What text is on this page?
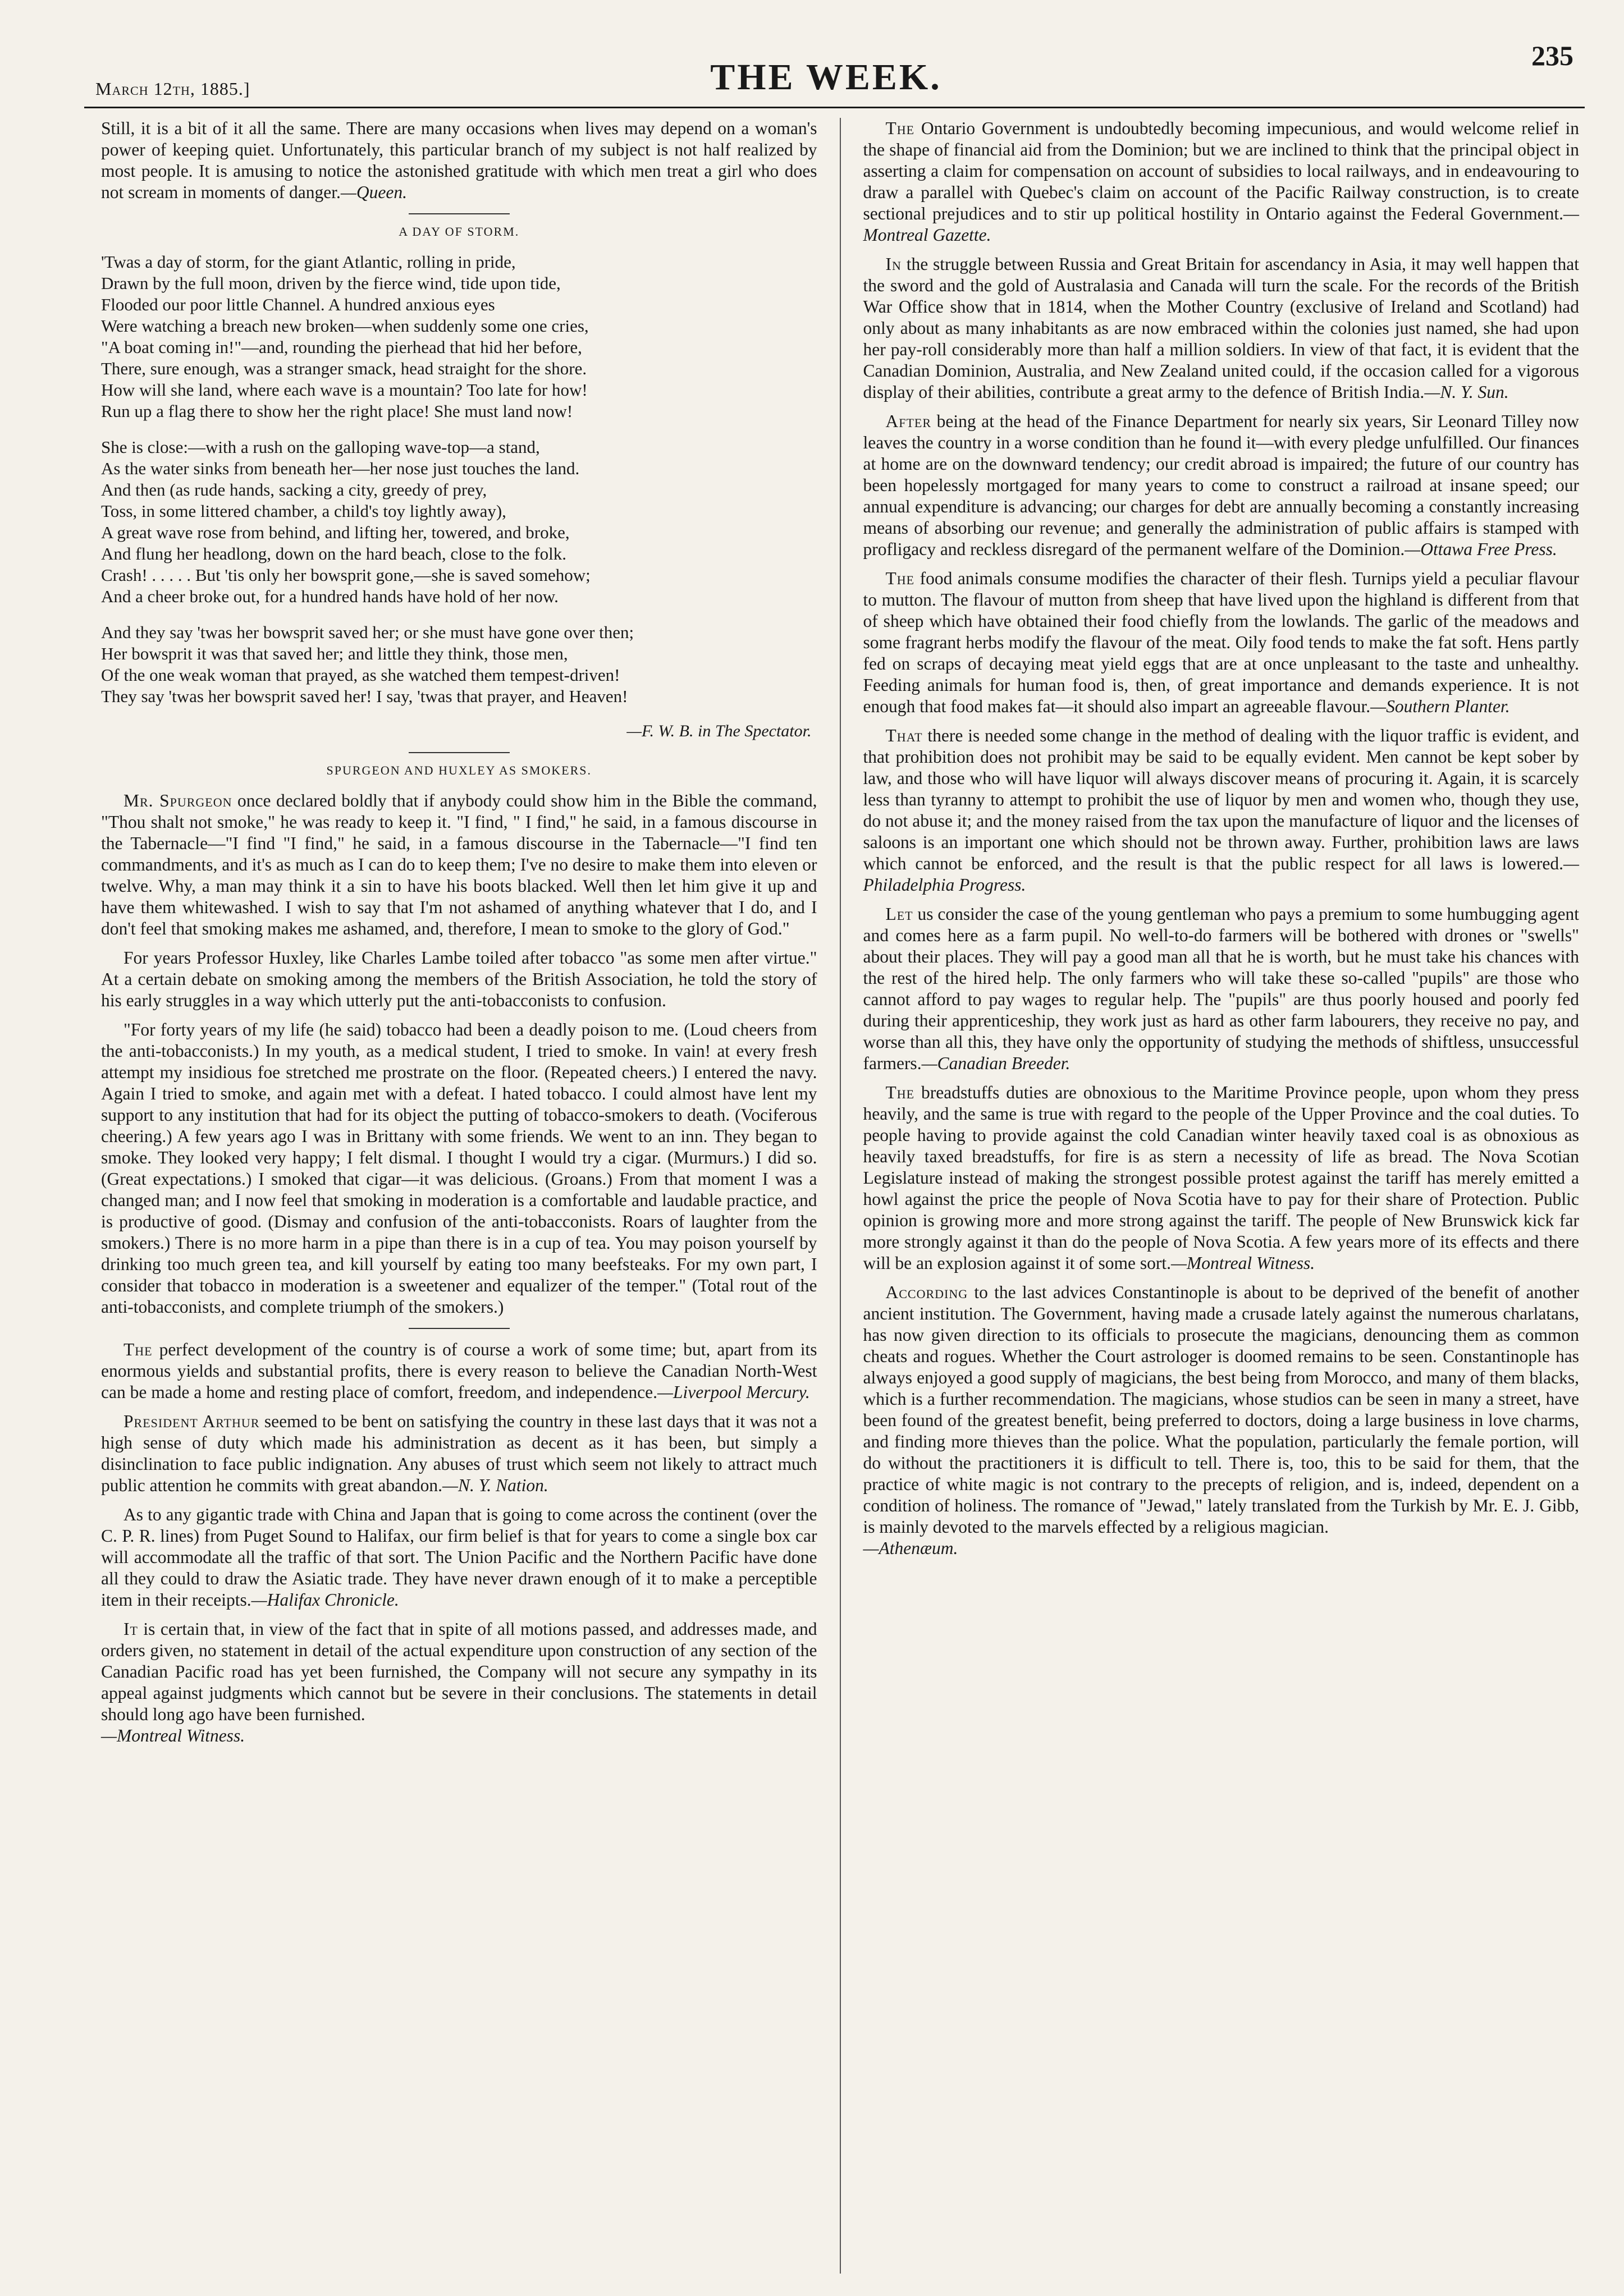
March 12th, 1885.]	THE WEEK.
235

Still, it is a bit of it all the same. There are many occasions when lives may depend on a woman's power of keeping quiet. Unfortunately, this particular branch of my subject is not half realized by most people. It is amusing to notice the astonished gratitude with which men treat a girl who does not scream in moments of danger.—Queen.

A DAY OF STORM.
'Twas a day of storm, for the giant Atlantic, rolling in pride,
Drawn by the full moon, driven by the fierce wind, tide upon tide,
Flooded our poor little Channel. A hundred anxious eyes
Were watching a breach new broken—when suddenly some one cries,
"A boat coming in!"—and, rounding the pierhead that hid her before,
There, sure enough, was a stranger smack, head straight for the shore.
How will she land, where each wave is a mountain? Too late for how!
Run up a flag there to show her the right place! She must land now!
She is close:—with a rush on the galloping wave-top—a stand,
As the water sinks from beneath her—her nose just touches the land.
And then (as rude hands, sacking a city, greedy of prey,
Toss, in some littered chamber, a child's toy lightly away),
A great wave rose from behind, and lifting her, towered, and broke,
And flung her headlong, down on the hard beach, close to the folk.
Crash! . . . . . But 'tis only her bowsprit gone,—she is saved somehow;
And a cheer broke out, for a hundred hands have hold of her now.
And they say 'twas her bowsprit saved her; or she must have gone over then;
Her bowsprit it was that saved her; and little they think, those men,
Of the one weak woman that prayed, as she watched them tempest-driven!
They say 'twas her bowsprit saved her! I say, 'twas that prayer, and Heaven!
—F. W. B. in The Spectator.
SPURGEON AND HUXLEY AS SMOKERS.

Mr. Spurgeon once declared boldly that if anybody could show him in the Bible the command, "Thou shalt not smoke," he was ready to keep it. "I find, " I find," he said, in a famous discourse in the Tabernacle—"I find "I find," he said, in a famous discourse in the Tabernacle—"I find ten commandments, and it's as much as I can do to keep them; I've no desire to make them into eleven or twelve. Why, a man may think it a sin to have his boots blacked. Well then let him give it up and have them whitewashed. I wish to say that I'm not ashamed of anything whatever that I do, and I don't feel that smoking makes me ashamed, and, therefore, I mean to smoke to the glory of God."

For years Professor Huxley, like Charles Lambe toiled after tobacco "as some men after virtue." At a certain debate on smoking among the members of the British Association, he told the story of his early struggles in a way which utterly put the anti-tobacconists to confusion.

"For forty years of my life (he said) tobacco had been a deadly poison to me. (Loud cheers from the anti-tobacconists.) In my youth, as a medical student, I tried to smoke. In vain! at every fresh attempt my insidious foe stretched me prostrate on the floor. (Repeated cheers.) I entered the navy. Again I tried to smoke, and again met with a defeat. I hated tobacco. I could almost have lent my support to any institution that had for its object the putting of tobacco-smokers to death. (Vociferous cheering.) A few years ago I was in Brittany with some friends. We went to an inn. They began to smoke. They looked very happy; I felt dismal. I thought I would try a cigar. (Murmurs.) I did so. (Great expectations.) I smoked that cigar—it was delicious. (Groans.) From that moment I was a changed man; and I now feel that smoking in moderation is a comfortable and laudable practice, and is productive of good. (Dismay and confusion of the anti-tobacconists. Roars of laughter from the smokers.) There is no more harm in a pipe than there is in a cup of tea. You may poison yourself by drinking too much green tea, and kill yourself by eating too many beefsteaks. For my own part, I consider that tobacco in moderation is a sweetener and equalizer of the temper." (Total rout of the anti-tobacconists, and complete triumph of the smokers.)

The perfect development of the country is of course a work of some time; but, apart from its enormous yields and substantial profits, there is every reason to believe the Canadian North-West can be made a home and resting place of comfort, freedom, and independence.—Liverpool Mercury.

President Arthur seemed to be bent on satisfying the country in these last days that it was not a high sense of duty which made his administration as decent as it has been, but simply a disinclination to face public indignation. Any abuses of trust which seem not likely to attract much public attention he commits with great abandon.—N. Y. Nation.

As to any gigantic trade with China and Japan that is going to come across the continent (over the C. P. R. lines) from Puget Sound to Halifax, our firm belief is that for years to come a single box car will accommodate all the traffic of that sort. The Union Pacific and the Northern Pacific have done all they could to draw the Asiatic trade. They have never drawn enough of it to make a perceptible item in their receipts.—Halifax Chronicle.

It is certain that, in view of the fact that in spite of all motions passed, and addresses made, and orders given, no statement in detail of the actual expenditure upon construction of any section of the Canadian Pacific road has yet been furnished, the Company will not secure any sympathy in its appeal against judgments which cannot but be severe in their conclusions. The statements in detail should long ago have been furnished.
—Montreal Witness.

The Ontario Government is undoubtedly becoming impecunious, and would welcome relief in the shape of financial aid from the Dominion; but we are inclined to think that the principal object in asserting a claim for compensation on account of subsidies to local railways, and in endeavouring to draw a parallel with Quebec's claim on account of the Pacific Railway construction, is to create sectional prejudices and to stir up political hostility in Ontario against the Federal Government.—Montreal Gazette.

In the struggle between Russia and Great Britain for ascendancy in Asia, it may well happen that the sword and the gold of Australasia and Canada will turn the scale. For the records of the British War Office show that in 1814, when the Mother Country (exclusive of Ireland and Scotland) had only about as many inhabitants as are now embraced within the colonies just named, she had upon her pay-roll considerably more than half a million soldiers. In view of that fact, it is evident that the Canadian Dominion, Australia, and New Zealand united could, if the occasion called for a vigorous display of their abilities, contribute a great army to the defence of British India.—N. Y. Sun.

After being at the head of the Finance Department for nearly six years, Sir Leonard Tilley now leaves the country in a worse condition than he found it—with every pledge unfulfilled. Our finances at home are on the downward tendency; our credit abroad is impaired; the future of our country has been hopelessly mortgaged for many years to come to construct a railroad at insane speed; our annual expenditure is advancing; our charges for debt are annually becoming a constantly increasing means of absorbing our revenue; and generally the administration of public affairs is stamped with profligacy and reckless disregard of the permanent welfare of the Dominion.—Ottawa Free Press.

The food animals consume modifies the character of their flesh. Turnips yield a peculiar flavour to mutton. The flavour of mutton from sheep that have lived upon the highland is different from that of sheep which have obtained their food chiefly from the lowlands. The garlic of the meadows and some fragrant herbs modify the flavour of the meat. Oily food tends to make the fat soft. Hens partly fed on scraps of decaying meat yield eggs that are at once unpleasant to the taste and unhealthy. Feeding animals for human food is, then, of great importance and demands experience. It is not enough that food makes fat—it should also impart an agreeable flavour.—Southern Planter.

That there is needed some change in the method of dealing with the liquor traffic is evident, and that prohibition does not prohibit may be said to be equally evident. Men cannot be kept sober by law, and those who will have liquor will always discover means of procuring it. Again, it is scarcely less than tyranny to attempt to prohibit the use of liquor by men and women who, though they use, do not abuse it; and the money raised from the tax upon the manufacture of liquor and the licenses of saloons is an important one which should not be thrown away. Further, prohibition laws are laws which cannot be enforced, and the result is that the public respect for all laws is lowered.—Philadelphia Progress.

Let us consider the case of the young gentleman who pays a premium to some humbugging agent and comes here as a farm pupil. No well-to-do farmers will be bothered with drones or "swells" about their places. They will pay a good man all that he is worth, but he must take his chances with the rest of the hired help. The only farmers who will take these so-called "pupils" are those who cannot afford to pay wages to regular help. The "pupils" are thus poorly housed and poorly fed during their apprenticeship, they work just as hard as other farm labourers, they receive no pay, and worse than all this, they have only the opportunity of studying the methods of shiftless, unsuccessful farmers.—Canadian Breeder.

The breadstuffs duties are obnoxious to the Maritime Province people, upon whom they press heavily, and the same is true with regard to the people of the Upper Province and the coal duties. To people having to provide against the cold Canadian winter heavily taxed coal is as obnoxious as heavily taxed breadstuffs, for fire is as stern a necessity of life as bread. The Nova Scotian Legislature instead of making the strongest possible protest against the tariff has merely emitted a howl against the price the people of Nova Scotia have to pay for their share of Protection. Public opinion is growing more and more strong against the tariff. The people of New Brunswick kick far more strongly against it than do the people of Nova Scotia. A few years more of its effects and there will be an explosion against it of some sort.—Montreal Witness.

According to the last advices Constantinople is about to be deprived of the benefit of another ancient institution. The Government, having made a crusade lately against the numerous charlatans, has now given direction to its officials to prosecute the magicians, denouncing them as common cheats and rogues. Whether the Court astrologer is doomed remains to be seen. Constantinople has always enjoyed a good supply of magicians, the best being from Morocco, and many of them blacks, which is a further recommendation. The magicians, whose studios can be seen in many a street, have been found of the greatest benefit, being preferred to doctors, doing a large business in love charms, and finding more thieves than the police. What the population, particularly the female portion, will do without the practitioners it is difficult to tell. There is, too, this to be said for them, that the practice of white magic is not contrary to the precepts of religion, and is, indeed, dependent on a condition of holiness. The romance of "Jewad," lately translated from the Turkish by Mr. E. J. Gibb, is mainly devoted to the marvels effected by a religious magician.
—Athenæum.
